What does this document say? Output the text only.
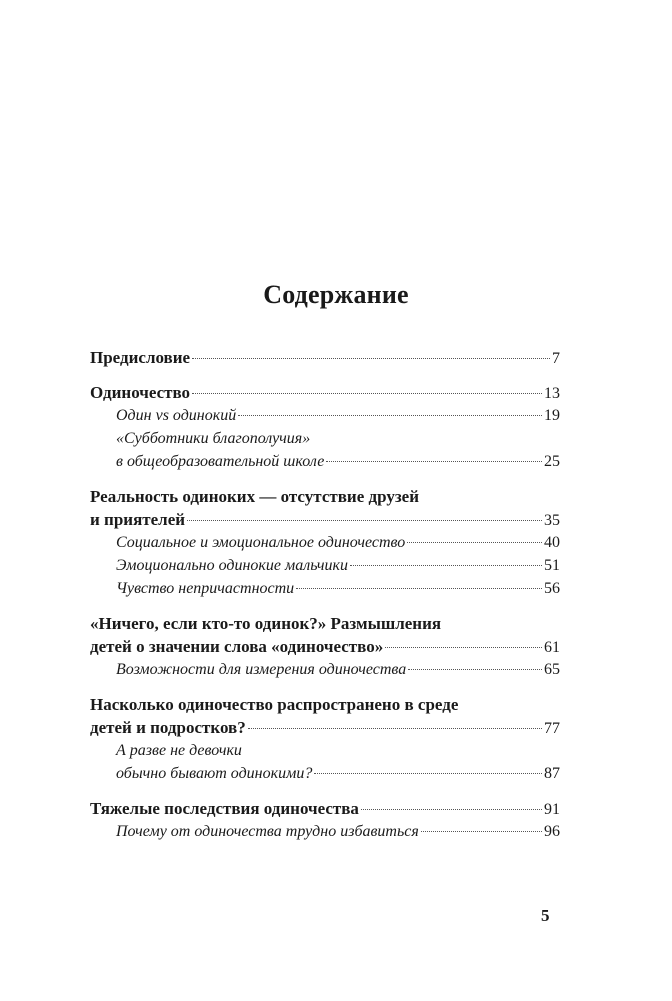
Содержание
Предисловие	7
Одиночество	13
Один vs одинокий	19
«Субботники благополучия»
в общеобразовательной школе	25
Реальность одиноких — отсутствие друзей
и приятелей	35
Социальное и эмоциональное одиночество	40
Эмоционально одинокие мальчики	51
Чувство непричастности	56
«Ничего, если кто-то одинок?» Размышления
детей о значении слова «одиночество»	61
Возможности для измерения одиночества	65
Насколько одиночество распространено в среде
детей и подростков?	77
А разве не девочки
обычно бывают одинокими?	87
Тяжелые последствия одиночества	91
Почему от одиночества трудно избавиться	96
5
